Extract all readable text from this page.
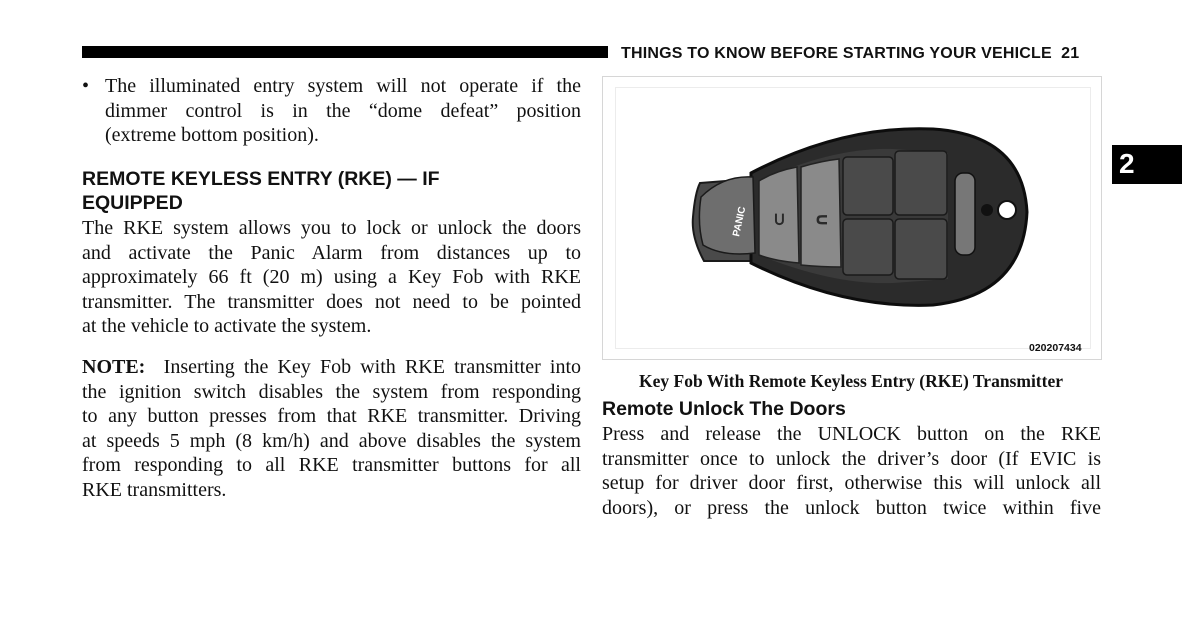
THINGS TO KNOW BEFORE STARTING YOUR VEHICLE 21
2
• The illuminated entry system will not operate if the
dimmer control is in the “dome defeat” position
(extreme bottom position).
REMOTE KEYLESS ENTRY (RKE) — IF
EQUIPPED
The RKE system allows you to lock or unlock the doors
and activate the Panic Alarm from distances up to
approximately 66 ft (20 m) using a Key Fob with RKE
transmitter. The transmitter does not need to be pointed
at the vehicle to activate the system.
NOTE: Inserting the Key Fob with RKE transmitter into
the ignition switch disables the system from responding
to any button presses from that RKE transmitter. Driving
at speeds 5 mph (8 km/h) and above disables the system
from responding to all RKE transmitter buttons for all
RKE transmitters.
PANIC ⊂ ∩
020207434
Key Fob With Remote Keyless Entry (RKE) Transmitter
Remote Unlock The Doors
Press and release the UNLOCK button on the RKE
transmitter once to unlock the driver’s door (If EVIC is
setup for driver door first, otherwise this will unlock all
doors), or press the unlock button twice within five
